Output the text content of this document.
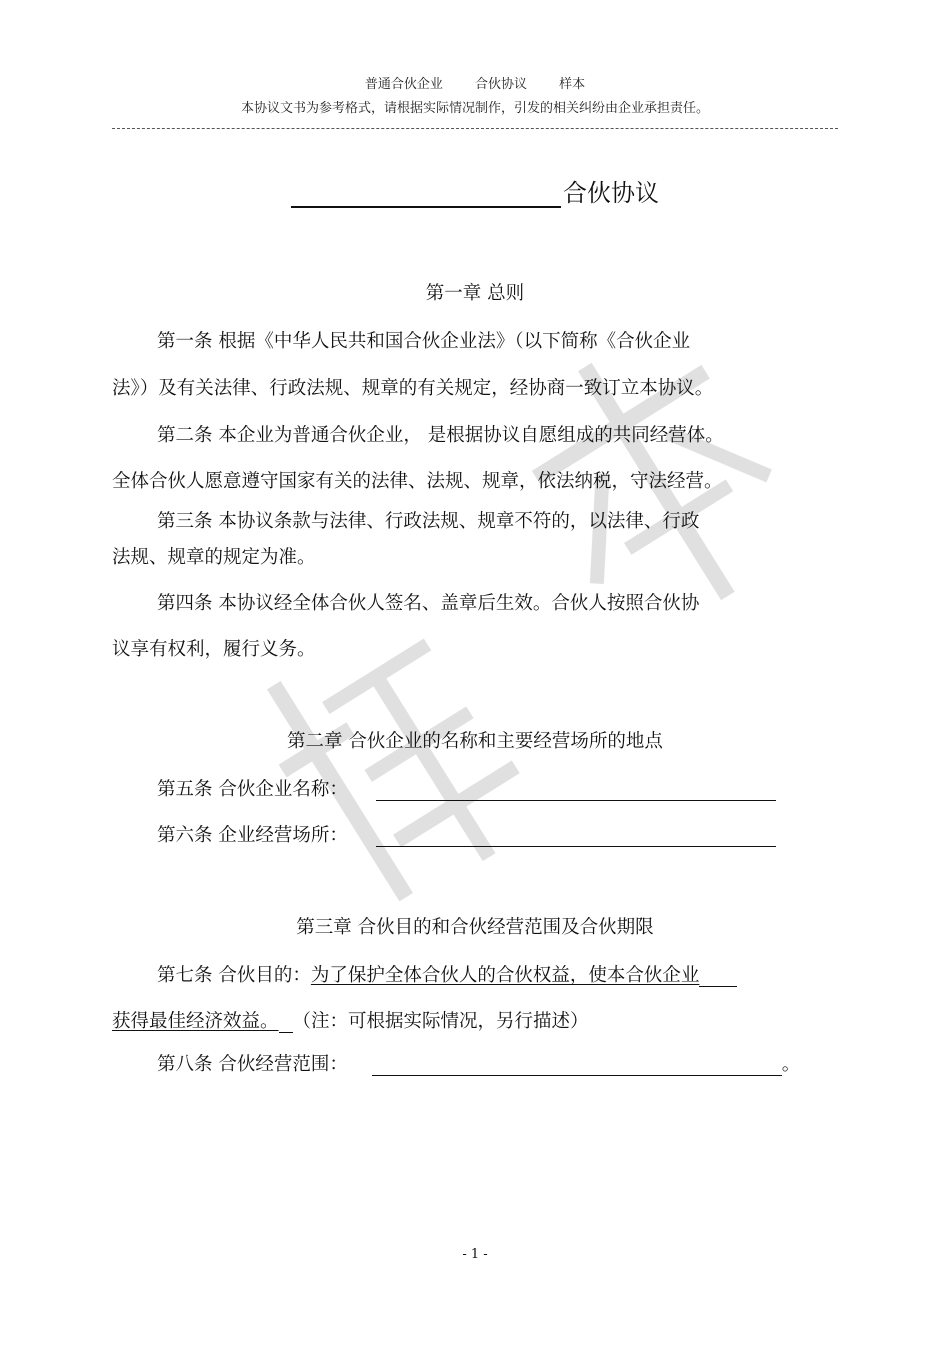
普通合伙企业 合伙协议 样本
本协议文书为参考格式，请根据实际情况制作，引发的相关纠纷由企业承担责任。
合伙协议
第一章 总则
第一条 根据《中华人民共和国合伙企业法》（以下简称《合伙企业
法》）及有关法律、行政法规、规章的有关规定，经协商一致订立本协议。
第二条 本企业为普通合伙企业， 是根据协议自愿组成的共同经营体。
全体合伙人愿意遵守国家有关的法律、法规、规章，依法纳税，守法经营。
第三条 本协议条款与法律、行政法规、规章不符的，以法律、行政
法规、规章的规定为准。
第四条 本协议经全体合伙人签名、盖章后生效。合伙人按照合伙协
议享有权利，履行义务。
第二章 合伙企业的名称和主要经营场所的地点
第五条 合伙企业名称：
第六条 企业经营场所：
第三章 合伙目的和合伙经营范围及合伙期限
第七条 合伙目的：为了保护全体合伙人的合伙权益，使本合伙企业
获得最佳经济效益。 （注：可根据实际情况，另行描述）
第八条 合伙经营范围：	。
- 1 -
